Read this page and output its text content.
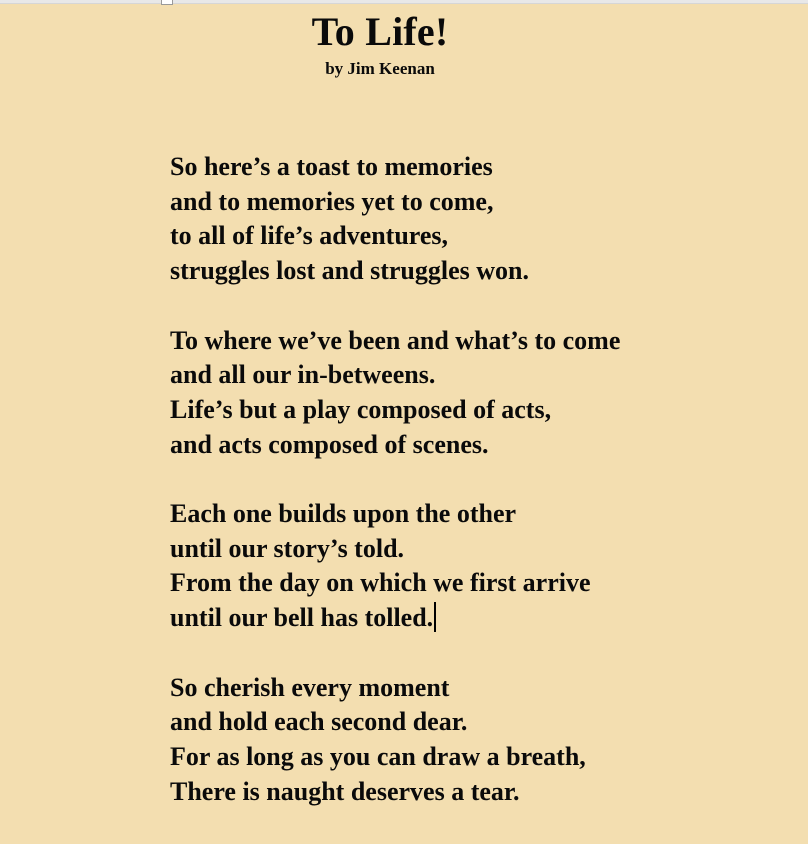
To Life!
by Jim Keenan
So here’s a toast to memories
and to memories yet to come,
to all of life’s adventures,
struggles lost and struggles won.
To where we’ve been and what’s to come
and all our in-betweens.
Life’s but a play composed of acts,
and acts composed of scenes.
Each one builds upon the other
until our story’s told.
From the day on which we first arrive
until our bell has tolled.
So cherish every moment
and hold each second dear.
For as long as you can draw a breath,
There is naught deserves a tear.
